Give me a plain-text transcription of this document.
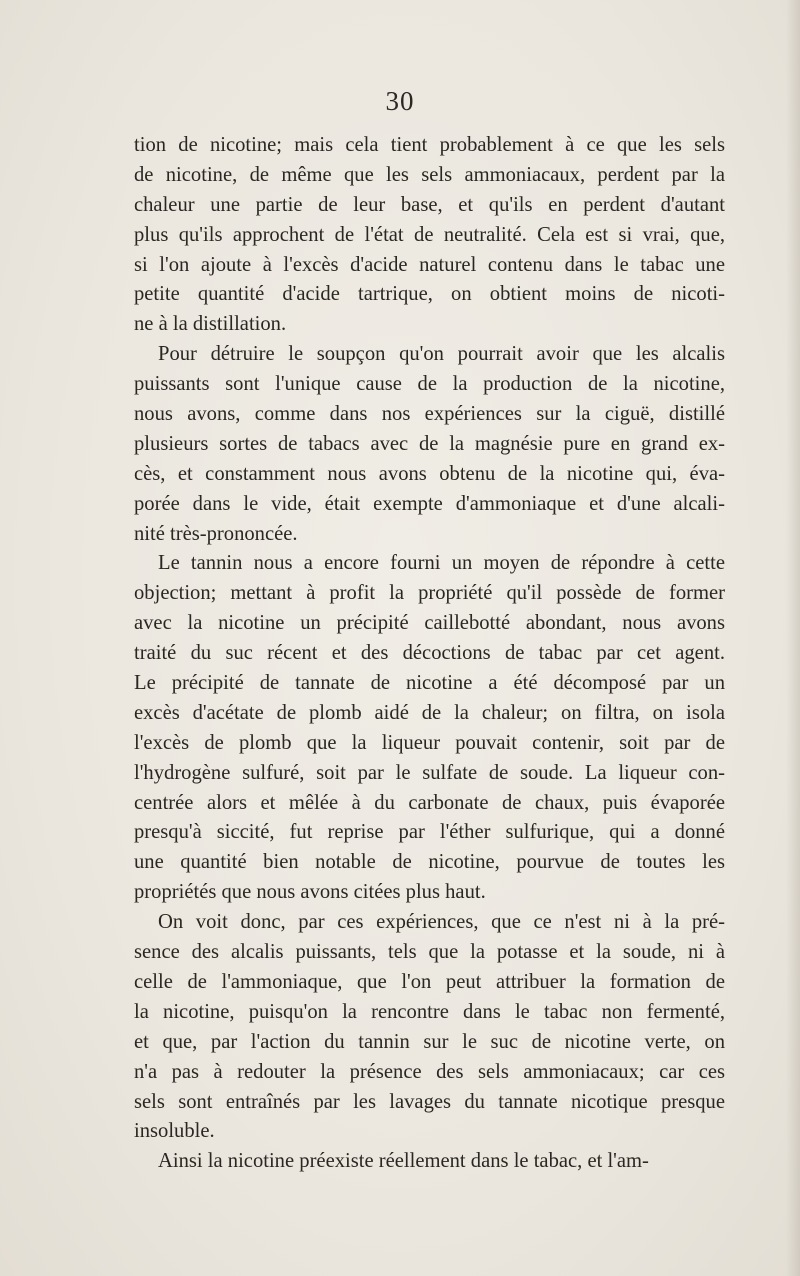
30
tion de nicotine; mais cela tient probablement à ce que les sels
de nicotine, de même que les sels ammoniacaux, perdent par la
chaleur une partie de leur base, et qu'ils en perdent d'autant
plus qu'ils approchent de l'état de neutralité. Cela est si vrai, que,
si l'on ajoute à l'excès d'acide naturel contenu dans le tabac une
petite quantité d'acide tartrique, on obtient moins de nicoti-
ne à la distillation.
Pour détruire le soupçon qu'on pourrait avoir que les alcalis
puissants sont l'unique cause de la production de la nicotine,
nous avons, comme dans nos expériences sur la ciguë, distillé
plusieurs sortes de tabacs avec de la magnésie pure en grand ex-
cès, et constamment nous avons obtenu de la nicotine qui, éva-
porée dans le vide, était exempte d'ammoniaque et d'une alcali-
nité très-prononcée.
Le tannin nous a encore fourni un moyen de répondre à cette
objection; mettant à profit la propriété qu'il possède de former
avec la nicotine un précipité caillebotté abondant, nous avons
traité du suc récent et des décoctions de tabac par cet agent.
Le précipité de tannate de nicotine a été décomposé par un
excès d'acétate de plomb aidé de la chaleur; on filtra, on isola
l'excès de plomb que la liqueur pouvait contenir, soit par de
l'hydrogène sulfuré, soit par le sulfate de soude. La liqueur con-
centrée alors et mêlée à du carbonate de chaux, puis évaporée
presqu'à siccité, fut reprise par l'éther sulfurique, qui a donné
une quantité bien notable de nicotine, pourvue de toutes les
propriétés que nous avons citées plus haut.
On voit donc, par ces expériences, que ce n'est ni à la pré-
sence des alcalis puissants, tels que la potasse et la soude, ni à
celle de l'ammoniaque, que l'on peut attribuer la formation de
la nicotine, puisqu'on la rencontre dans le tabac non fermenté,
et que, par l'action du tannin sur le suc de nicotine verte, on
n'a pas à redouter la présence des sels ammoniacaux; car ces
sels sont entraînés par les lavages du tannate nicotique presque
insoluble.
Ainsi la nicotine préexiste réellement dans le tabac, et l'am-
